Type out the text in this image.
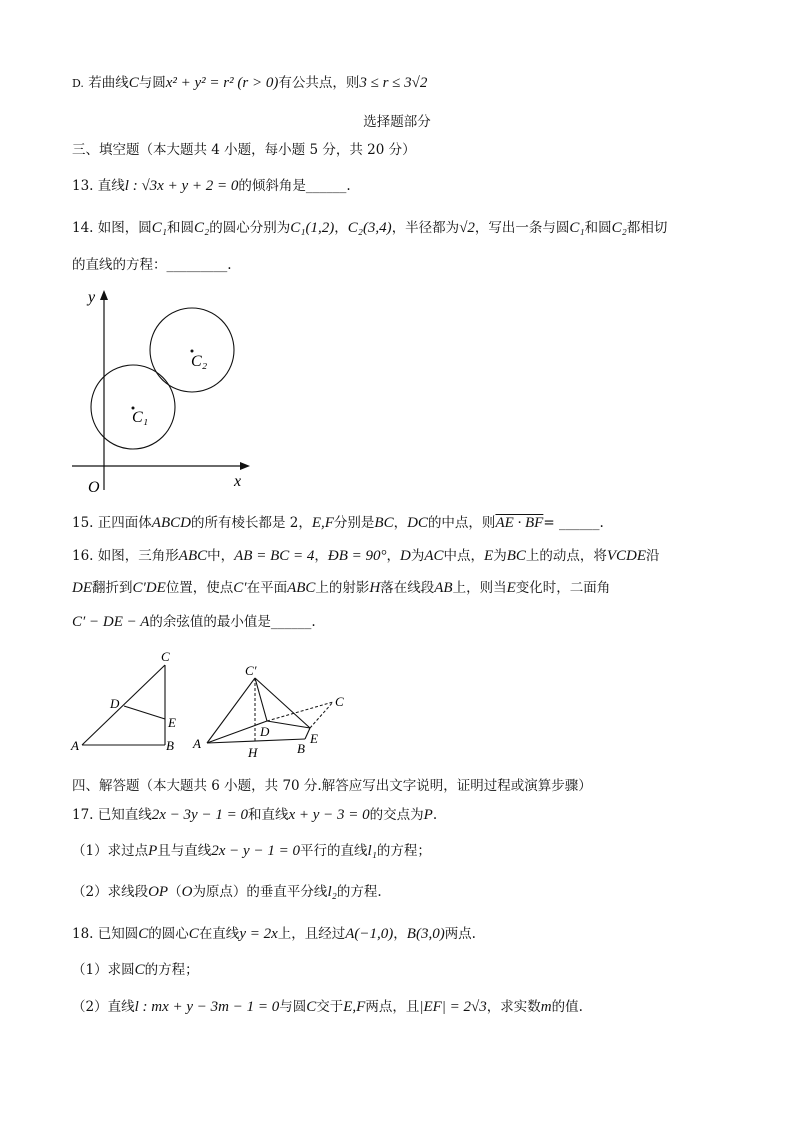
D. 若曲线C与圆x² + y² = r² (r > 0)有公共点，则3 ≤ r ≤ 3√2
选择题部分
三、填空题（本大题共 4 小题，每小题 5 分，共 20 分）
13. 直线l : √3x + y + 2 = 0的倾斜角是______.
14. 如图，圆C₁和圆C₂的圆心分别为C₁(1,2)，C₂(3,4)，半径都为√2，写出一条与圆C₁和圆C₂都相切
的直线的方程：_________.
C₁
C₂
x
y
O
15. 正四面体ABCD的所有棱长都是 2，E,F分别是BC，DC的中点，则AE · BF= ______.
16. 如图，三角形ABC中，AB = BC = 4，ÐB = 90°，D为AC中点，E为BC上的动点，将VCDE沿
DE翻折到C′DE位置，使点C′在平面ABC上的射影H落在线段AB上，则当E变化时，二面角
C′ − DE − A的余弦值的最小值是______.
C
D
E
A	B
C′
C
D	E
A	B
H
四、解答题（本大题共 6 小题，共 70 分.解答应写出文字说明，证明过程或演算步骤）
17. 已知直线2x − 3y − 1 = 0和直线x + y − 3 = 0的交点为P.
（1）求过点P且与直线2x − y − 1 = 0平行的直线l₁的方程；
（2）求线段OP（O为原点）的垂直平分线l₂的方程.
18. 已知圆C的圆心C在直线y = 2x上，且经过A(−1,0)，B(3,0)两点.
（1）求圆C的方程；
（2）直线l : mx + y − 3m − 1 = 0与圆C交于E,F两点，且|EF| = 2√3，求实数m的值.
